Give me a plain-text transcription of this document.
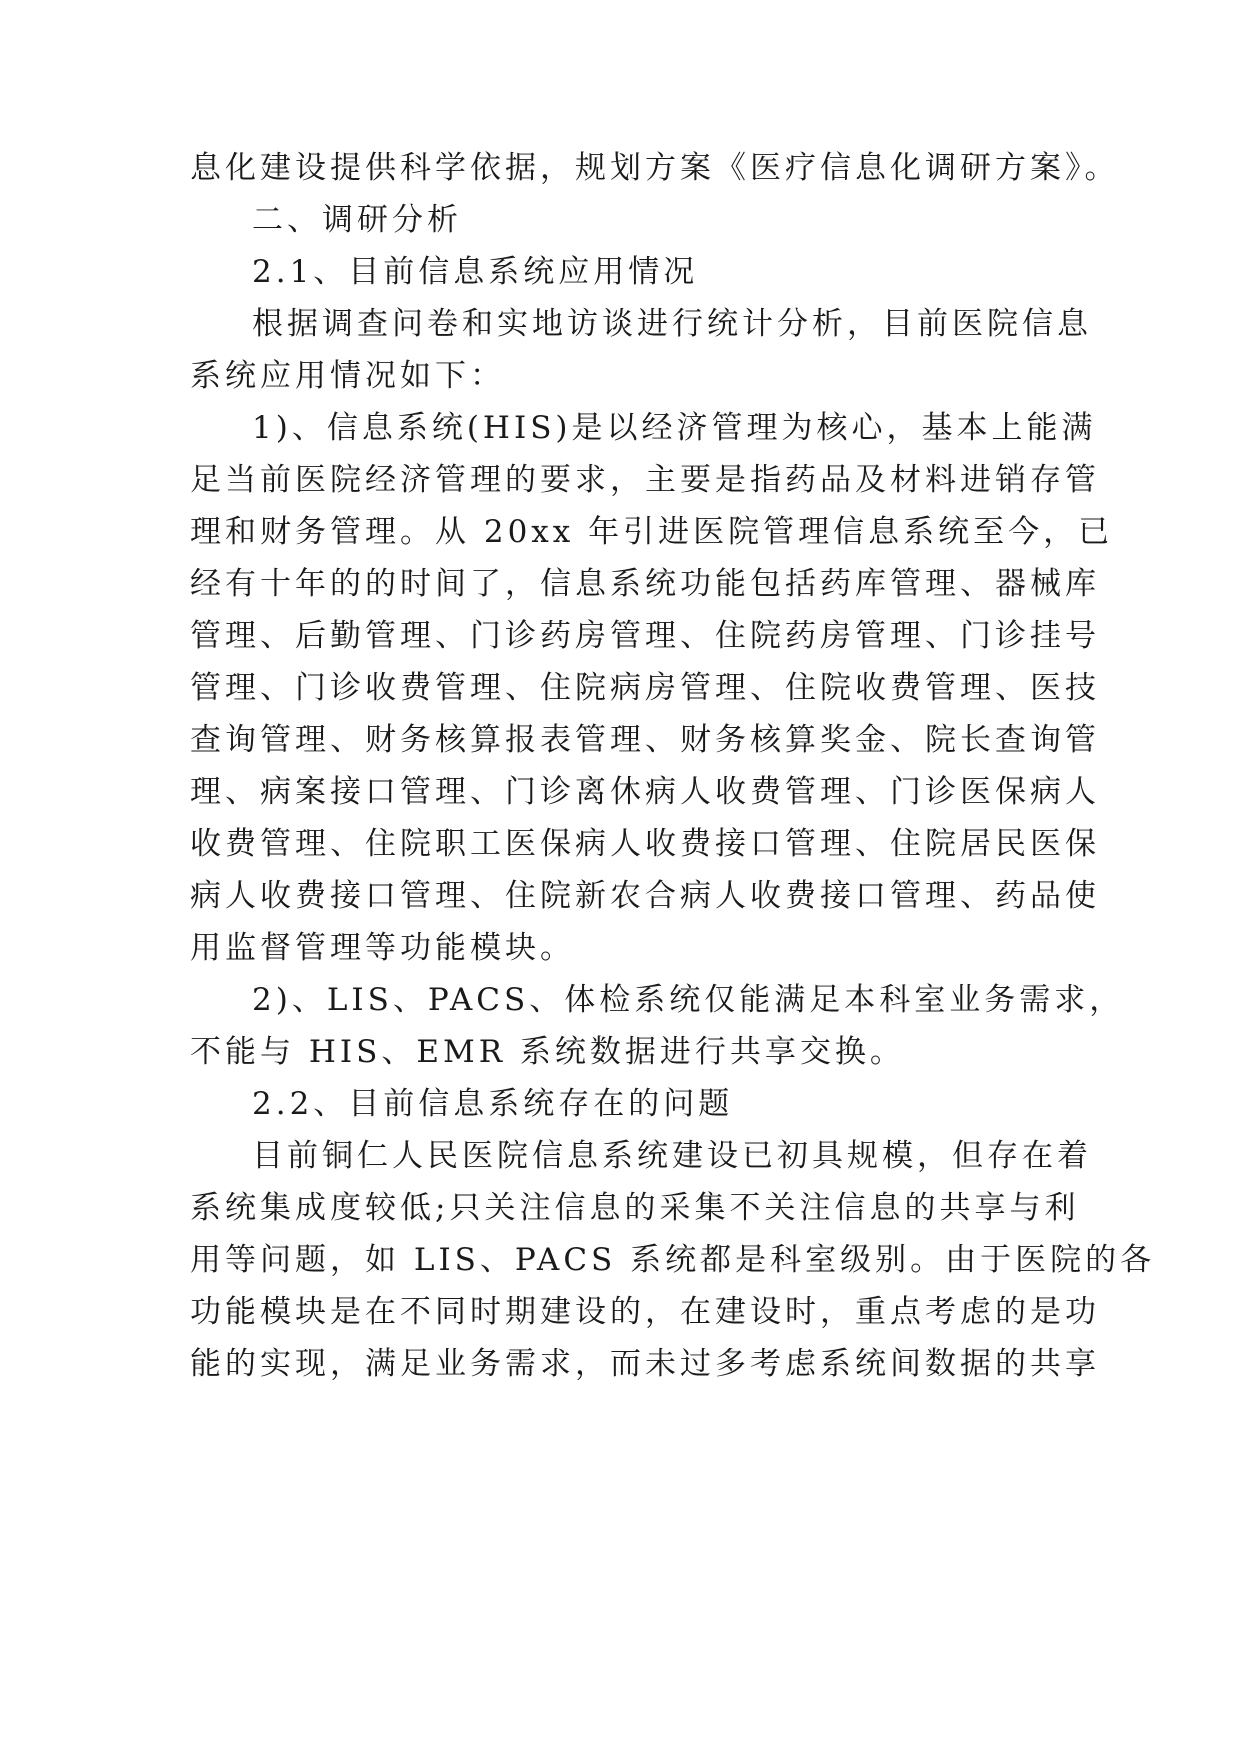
息化建设提供科学依据，规划方案《医疗信息化调研方案》。
二、调研分析
2.1、目前信息系统应用情况
根据调查问卷和实地访谈进行统计分析，目前医院信息
系统应用情况如下：
1)、信息系统(HIS)是以经济管理为核心，基本上能满
足当前医院经济管理的要求，主要是指药品及材料进销存管
理和财务管理。从 20xx 年引进医院管理信息系统至今，已
经有十年的的时间了，信息系统功能包括药库管理、器械库
管理、后勤管理、门诊药房管理、住院药房管理、门诊挂号
管理、门诊收费管理、住院病房管理、住院收费管理、医技
查询管理、财务核算报表管理、财务核算奖金、院长查询管
理、病案接口管理、门诊离休病人收费管理、门诊医保病人
收费管理、住院职工医保病人收费接口管理、住院居民医保
病人收费接口管理、住院新农合病人收费接口管理、药品使
用监督管理等功能模块。
2)、LIS、PACS、体检系统仅能满足本科室业务需求，
不能与 HIS、EMR 系统数据进行共享交换。
2.2、目前信息系统存在的问题
目前铜仁人民医院信息系统建设已初具规模，但存在着
系统集成度较低;只关注信息的采集不关注信息的共享与利
用等问题，如 LIS、PACS 系统都是科室级别。由于医院的各
功能模块是在不同时期建设的，在建设时，重点考虑的是功
能的实现，满足业务需求，而未过多考虑系统间数据的共享
